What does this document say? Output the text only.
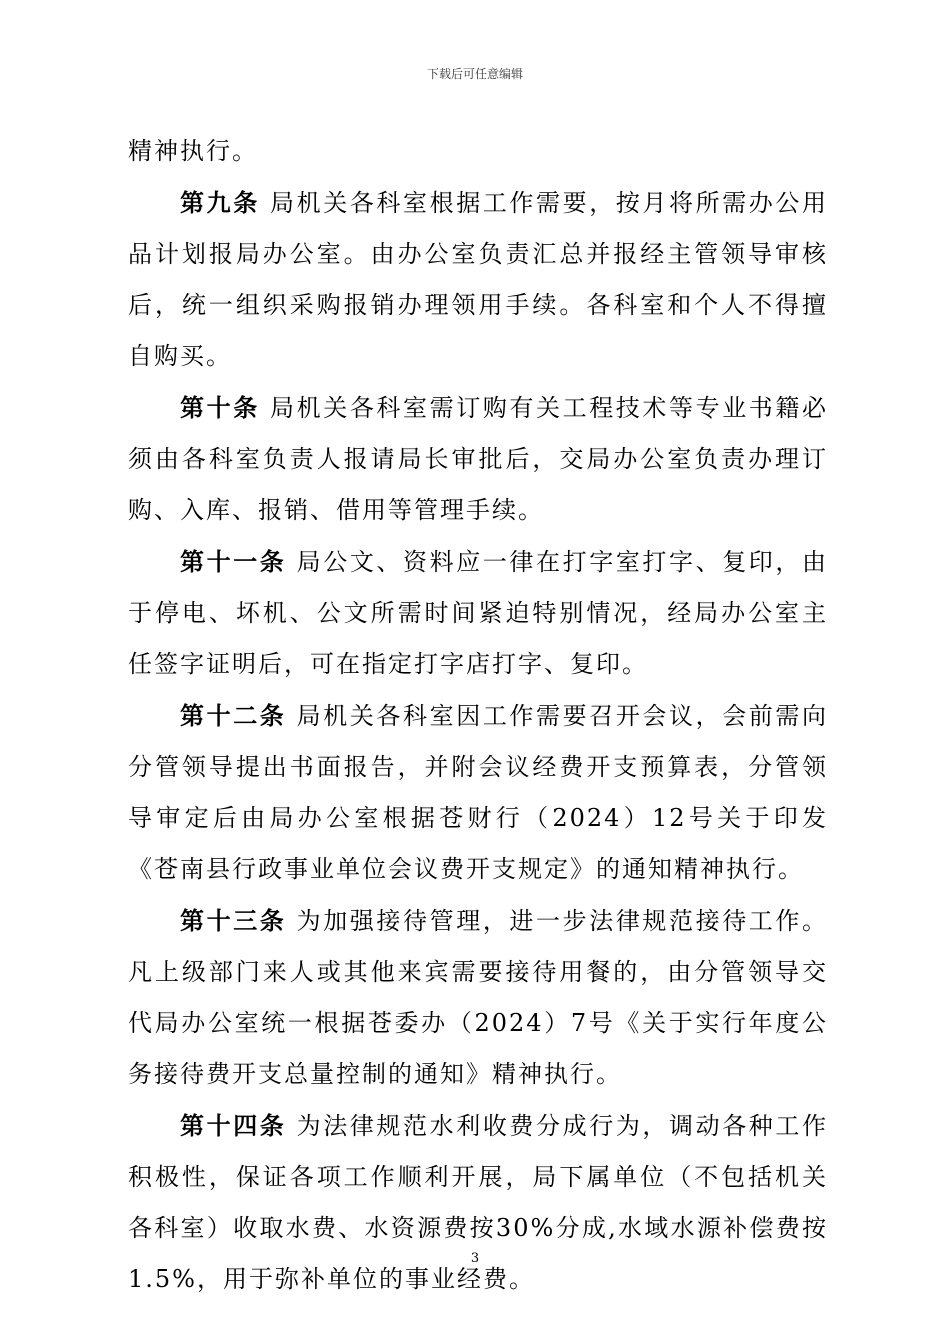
下载后可任意编辑

精神执行。

第九条 局机关各科室根据工作需要，按月将所需办公用品计划报局办公室。由办公室负责汇总并报经主管领导审核后，统一组织采购报销办理领用手续。各科室和个人不得擅自购买。

第十条 局机关各科室需订购有关工程技术等专业书籍必须由各科室负责人报请局长审批后，交局办公室负责办理订购、入库、报销、借用等管理手续。

第十一条 局公文、资料应一律在打字室打字、复印，由于停电、坏机、公文所需时间紧迫特别情况，经局办公室主任签字证明后，可在指定打字店打字、复印。

第十二条 局机关各科室因工作需要召开会议，会前需向分管领导提出书面报告，并附会议经费开支预算表，分管领导审定后由局办公室根据苍财行（2024）12号关于印发《苍南县行政事业单位会议费开支规定》的通知精神执行。

第十三条 为加强接待管理，进一步法律规范接待工作。凡上级部门来人或其他来宾需要接待用餐的，由分管领导交代局办公室统一根据苍委办（2024）7号《关于实行年度公务接待费开支总量控制的通知》精神执行。

第十四条 为法律规范水利收费分成行为，调动各种工作积极性，保证各项工作顺利开展，局下属单位（不包括机关各科室）收取水费、水资源费按30%分成,水域水源补偿费按1.5%，用于弥补单位的事业经费。

3
